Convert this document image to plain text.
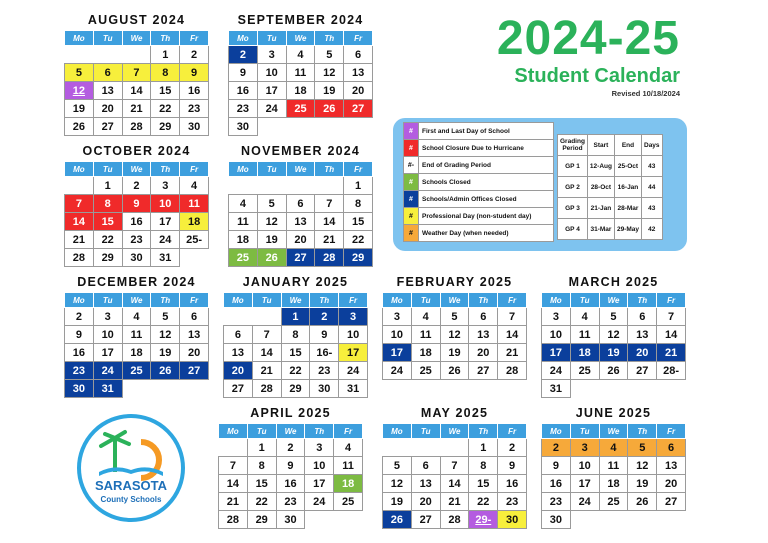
AUGUST 2024
Mo	Tu	We	Th	Fr
			1	2
5	6	7	8	9
12	13	14	15	16
19	20	21	22	23
26	27	28	29	30
SEPTEMBER 2024
Mo	Tu	We	Th	Fr
2	3	4	5	6
9	10	11	12	13
16	17	18	19	20
23	24	25	26	27
30				
OCTOBER 2024
Mo	Tu	We	Th	Fr
	1	2	3	4
7	8	9	10	11
14	15	16	17	18
21	22	23	24	25-
28	29	30	31	
NOVEMBER 2024
Mo	Tu	We	Th	Fr
				1
4	5	6	7	8
11	12	13	14	15
18	19	20	21	22
25	26	27	28	29
DECEMBER 2024
Mo	Tu	We	Th	Fr
2	3	4	5	6
9	10	11	12	13
16	17	18	19	20
23	24	25	26	27
30	31			
JANUARY 2025
Mo	Tu	We	Th	Fr
		1	2	3
6	7	8	9	10
13	14	15	16-	17
20	21	22	23	24
27	28	29	30	31
FEBRUARY 2025
Mo	Tu	We	Th	Fr
3	4	5	6	7
10	11	12	13	14
17	18	19	20	21
24	25	26	27	28
MARCH 2025
Mo	Tu	We	Th	Fr
3	4	5	6	7
10	11	12	13	14
17	18	19	20	21
24	25	26	27	28-
31				
APRIL 2025
Mo	Tu	We	Th	Fr
	1	2	3	4
7	8	9	10	11
14	15	16	17	18
21	22	23	24	25
28	29	30		
MAY 2025
Mo	Tu	We	Th	Fr
			1	2
5	6	7	8	9
12	13	14	15	16
19	20	21	22	23
26	27	28	29-	30
JUNE 2025
Mo	Tu	We	Th	Fr
2	3	4	5	6
9	10	11	12	13
16	17	18	19	20
23	24	25	26	27
30				
2024-25
Student Calendar
Revised 10/18/2024
#	First and Last Day of School
#	School Closure Due to Hurricane
#-	End of Grading Period
#	Schools Closed
#	Schools/Admin Offices Closed
#	Professional Day (non-student day)
#	Weather Day (when needed)
Grading
Period	Start	End	Days
GP 1	12-Aug	25-Oct	43
GP 2	28-Oct	16-Jan	44
GP 3	21-Jan	28-Mar	43
GP 4	31-Mar	29-May	42
SARASOTA
County Schools
